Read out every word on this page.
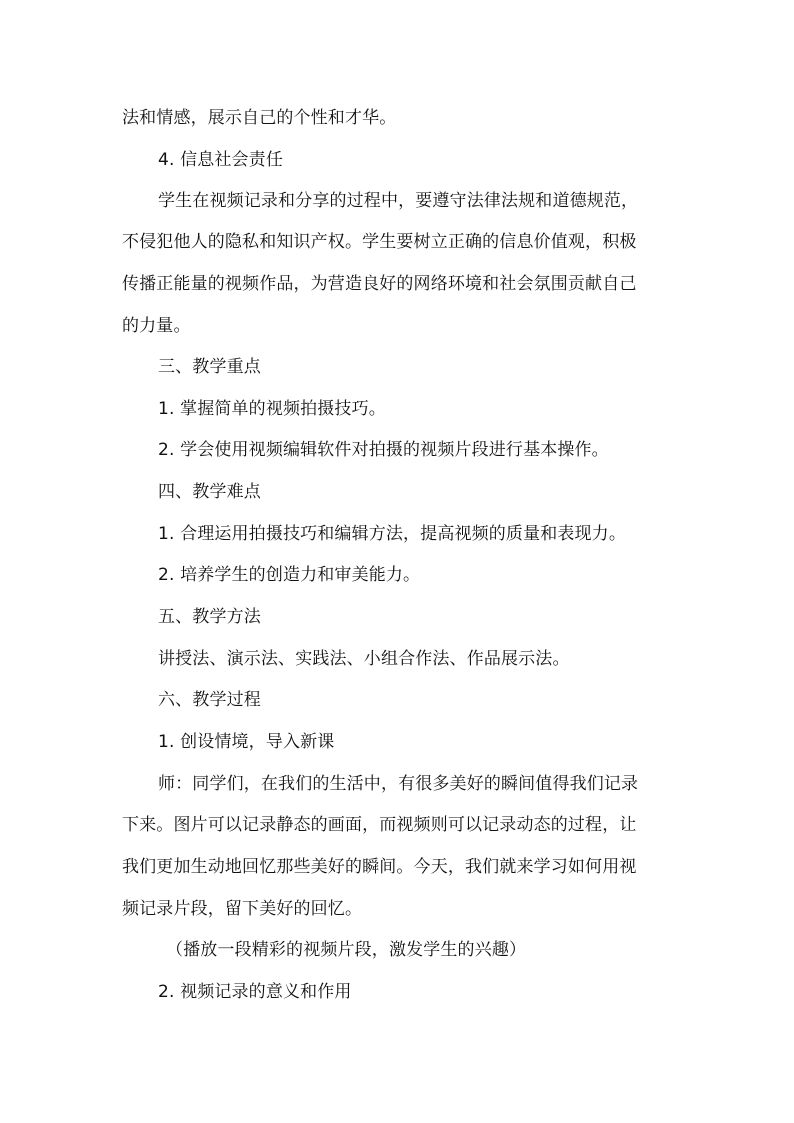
法和情感，展示自己的个性和才华。
4. 信息社会责任
学生在视频记录和分享的过程中，要遵守法律法规和道德规范，
不侵犯他人的隐私和知识产权。学生要树立正确的信息价值观，积极
传播正能量的视频作品，为营造良好的网络环境和社会氛围贡献自己
的力量。
三、教学重点
1. 掌握简单的视频拍摄技巧。
2. 学会使用视频编辑软件对拍摄的视频片段进行基本操作。
四、教学难点
1. 合理运用拍摄技巧和编辑方法，提高视频的质量和表现力。
2. 培养学生的创造力和审美能力。
五、教学方法
讲授法、演示法、实践法、小组合作法、作品展示法。
六、教学过程
1. 创设情境，导入新课
师：同学们，在我们的生活中，有很多美好的瞬间值得我们记录
下来。图片可以记录静态的画面，而视频则可以记录动态的过程，让
我们更加生动地回忆那些美好的瞬间。今天，我们就来学习如何用视
频记录片段，留下美好的回忆。
（播放一段精彩的视频片段，激发学生的兴趣）
2. 视频记录的意义和作用
